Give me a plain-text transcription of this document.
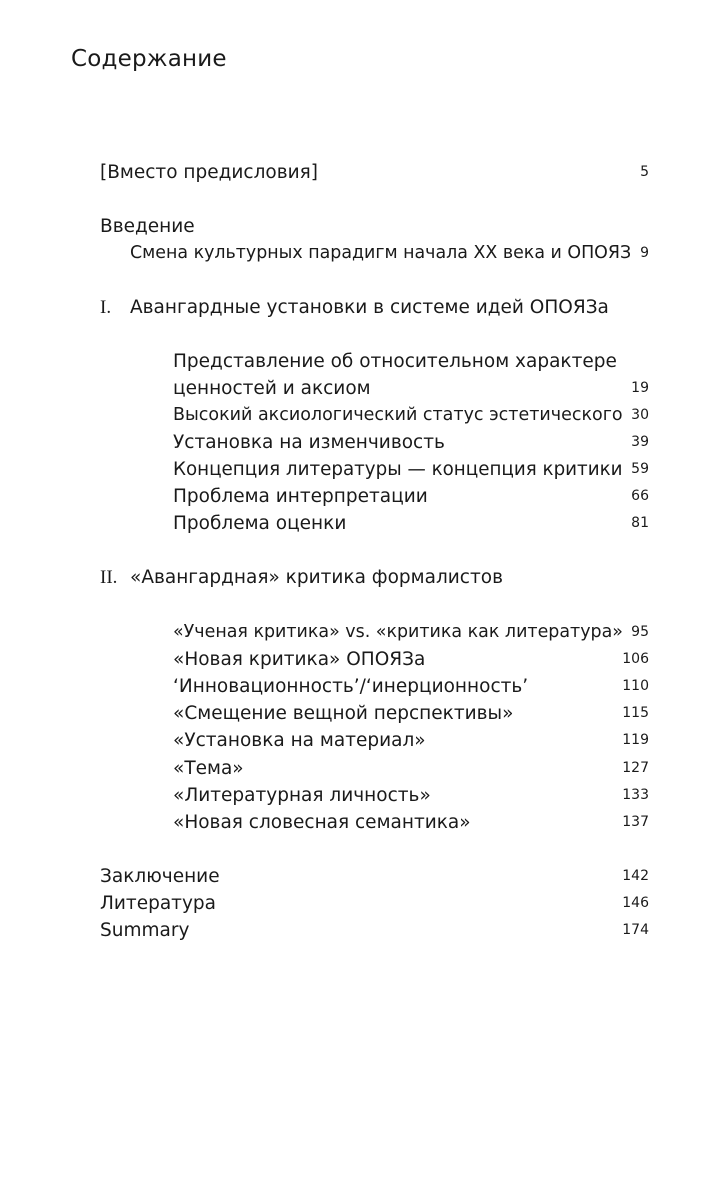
Содержание
[Вместо предисловия]	5
Введение
Смена культурных парадигм начала XX века и ОПОЯЗ 9
I. Авангардные установки в системе идей ОПОЯЗа
Представление об относительном характере
ценностей и аксиом	19
Высокий аксиологический статус эстетического 30
Установка на изменчивость	39
Концепция литературы — концепция критики 59
Проблема интерпретации	66
Проблема оценки	81
II. «Авангардная» критика формалистов
«Ученая критика» vs. «критика как литература» 95
«Новая критика» ОПОЯЗа	106
‘Инновационность’/‘инерционность’	110
«Смещение вещной перспективы»	115
«Установка на материал»	119
«Тема»	127
«Литературная личность»	133
«Новая словесная семантика»	137
Заключение	142
Литература	146
Summary	174
